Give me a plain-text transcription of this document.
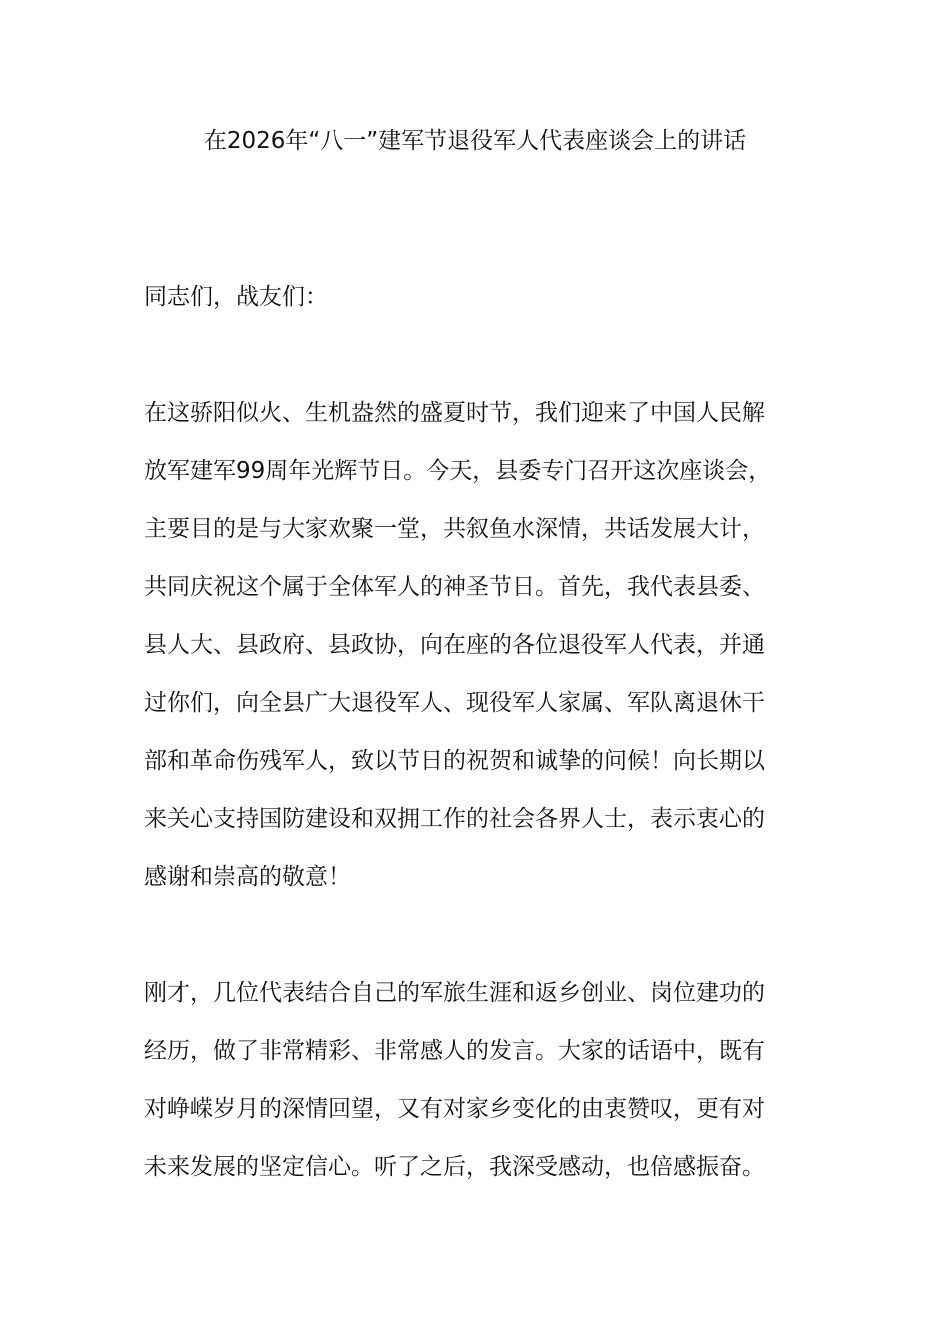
在2026年“八一”建军节退役军人代表座谈会上的讲话
同志们，战友们：
在这骄阳似火、生机盎然的盛夏时节，我们迎来了中国人民解
放军建军99周年光辉节日。今天，县委专门召开这次座谈会，
主要目的是与大家欢聚一堂，共叙鱼水深情，共话发展大计，
共同庆祝这个属于全体军人的神圣节日。首先，我代表县委、
县人大、县政府、县政协，向在座的各位退役军人代表，并通
过你们，向全县广大退役军人、现役军人家属、军队离退休干
部和革命伤残军人，致以节日的祝贺和诚挚的问候！向长期以
来关心支持国防建设和双拥工作的社会各界人士，表示衷心的
感谢和崇高的敬意！
刚才，几位代表结合自己的军旅生涯和返乡创业、岗位建功的
经历，做了非常精彩、非常感人的发言。大家的话语中，既有
对峥嵘岁月的深情回望，又有对家乡变化的由衷赞叹，更有对
未来发展的坚定信心。听了之后，我深受感动，也倍感振奋。
